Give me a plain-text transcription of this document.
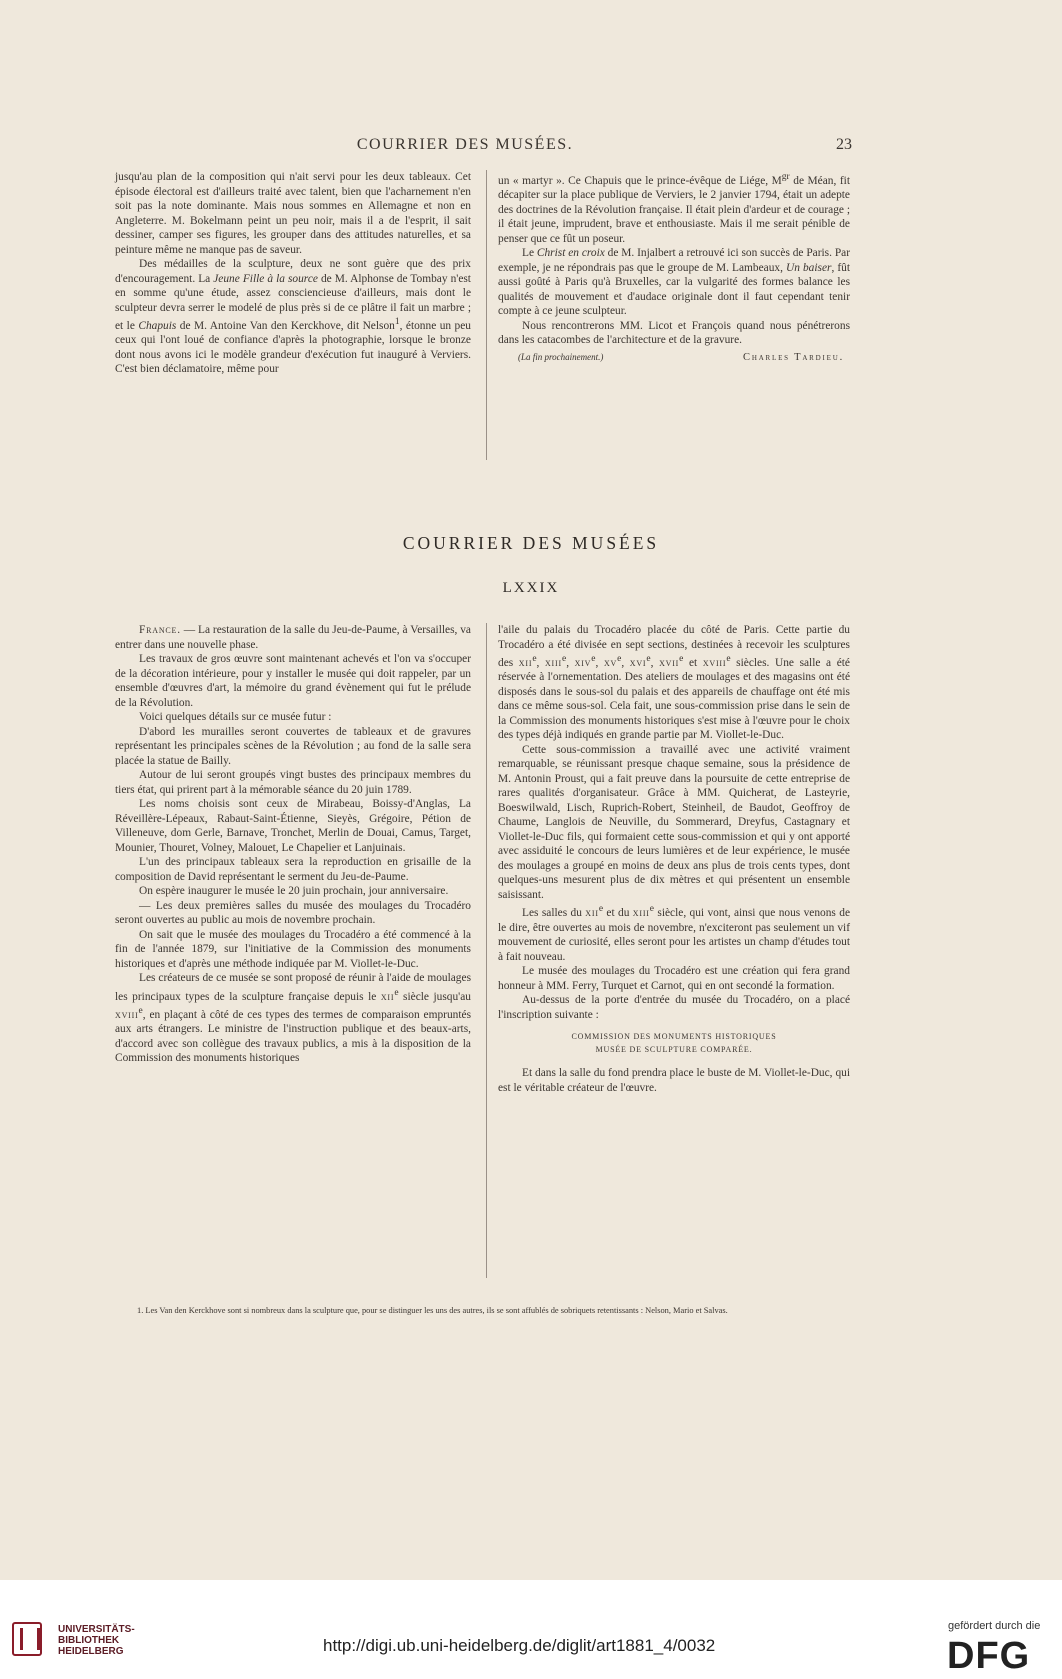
COURRIER DES MUSÉES.	23

jusqu'au plan de la composition qui n'ait servi pour les deux tableaux. Cet épisode électoral est d'ailleurs traité avec talent, bien que l'acharnement n'en soit pas la note dominante. Mais nous sommes en Allemagne et non en Angleterre. M. Bokelmann peint un peu noir, mais il a de l'esprit, il sait dessiner, camper ses figures, les grouper dans des attitudes naturelles, et sa peinture même ne manque pas de saveur.

Des médailles de la sculpture, deux ne sont guère que des prix d'encouragement. La Jeune Fille à la source de M. Alphonse de Tombay n'est en somme qu'une étude, assez consciencieuse d'ailleurs, mais dont le sculpteur devra serrer le modelé de plus près si de ce plâtre il fait un marbre ; et le Chapuis de M. Antoine Van den Kerckhove, dit Nelson$^1$, étonne un peu ceux qui l'ont loué de confiance d'après la photographie, lorsque le bronze dont nous avons ici le modèle grandeur d'exécution fut inauguré à Verviers. C'est bien déclamatoire, même pour

un « martyr ». Ce Chapuis que le prince-évêque de Liége, $M^{gr}$ de Méan, fit décapiter sur la place publique de Verviers, le 2 janvier 1794, était un adepte des doctrines de la Révolution française. Il était plein d'ardeur et de courage ; il était jeune, imprudent, brave et enthousiaste. Mais il me serait pénible de penser que ce fût un poseur.

Le Christ en croix de M. Injalbert a retrouvé ici son succès de Paris. Par exemple, je ne répondrais pas que le groupe de M. Lambeaux, Un baiser, fût aussi goûté à Paris qu'à Bruxelles, car la vulgarité des formes balance les qualités de mouvement et d'audace originale dont il faut cependant tenir compte à ce jeune sculpteur.

Nous rencontrerons MM. Licot et François quand nous pénétrerons dans les catacombes de l'architecture et de la gravure.

(La fin prochainement.)	Charles Tardieu.
COURRIER DES MUSÉES
LXXIX

France. — La restauration de la salle du Jeu-de-Paume, à Versailles, va entrer dans une nouvelle phase.

Les travaux de gros œuvre sont maintenant achevés et l'on va s'occuper de la décoration intérieure, pour y installer le musée qui doit rappeler, par un ensemble d'œuvres d'art, la mémoire du grand évènement qui fut le prélude de la Révolution.

Voici quelques détails sur ce musée futur :

D'abord les murailles seront couvertes de tableaux et de gravures représentant les principales scènes de la Révolution ; au fond de la salle sera placée la statue de Bailly.

Autour de lui seront groupés vingt bustes des principaux membres du tiers état, qui prirent part à la mémorable séance du 20 juin 1789.

Les noms choisis sont ceux de Mirabeau, Boissy-d'Anglas, La Réveillère-Lépeaux, Rabaut-Saint-Étienne, Sieyès, Grégoire, Pétion de Villeneuve, dom Gerle, Barnave, Tronchet, Merlin de Douai, Camus, Target, Mounier, Thouret, Volney, Malouet, Le Chapelier et Lanjuinais.

L'un des principaux tableaux sera la reproduction en grisaille de la composition de David représentant le serment du Jeu-de-Paume.

On espère inaugurer le musée le 20 juin prochain, jour anniversaire.

— Les deux premières salles du musée des moulages du Trocadéro seront ouvertes au public au mois de novembre prochain.

On sait que le musée des moulages du Trocadéro a été commencé à la fin de l'année 1879, sur l'initiative de la Commission des monuments historiques et d'après une méthode indiquée par M. Viollet-le-Duc.

Les créateurs de ce musée se sont proposé de réunir à l'aide de moulages les principaux types de la sculpture française depuis le xii$^e$ siècle jusqu'au xviii$^e$, en plaçant à côté de ces types des termes de comparaison empruntés aux arts étrangers. Le ministre de l'instruction publique et des beaux-arts, d'accord avec son collègue des travaux publics, a mis à la disposition de la Commission des monuments historiques

l'aile du palais du Trocadéro placée du côté de Paris. Cette partie du Trocadéro a été divisée en sept sections, destinées à recevoir les sculptures des xii$^e$, xiii$^e$, xiv$^e$, $xv^e$, xvi$^e$, xvii$^e$ et xviii$^e$ siècles. Une salle a été réservée à l'ornementation. Des ateliers de moulages et des magasins ont été disposés dans le sous-sol du palais et des appareils de chauffage ont été mis dans ce même sous-sol. Cela fait, une sous-commission prise dans le sein de la Commission des monuments historiques s'est mise à l'œuvre pour le choix des types déjà indiqués en grande partie par M. Viollet-le-Duc.

Cette sous-commission a travaillé avec une activité vraiment remarquable, se réunissant presque chaque semaine, sous la présidence de M. Antonin Proust, qui a fait preuve dans la poursuite de cette entreprise de rares qualités d'organisateur. Grâce à MM. Quicherat, de Lasteyrie, Boeswilwald, Lisch, Ruprich-Robert, Steinheil, de Baudot, Geoffroy de Chaume, Langlois de Neuville, du Sommerard, Dreyfus, Castagnary et Viollet-le-Duc fils, qui formaient cette sous-commission et qui y ont apporté avec assiduité le concours de leurs lumières et de leur expérience, le musée des moulages a groupé en moins de deux ans plus de trois cents types, dont quelques-uns mesurent plus de dix mètres et qui présentent un ensemble saisissant.

Les salles du xii$^e$ et du xiii$^e$ siècle, qui vont, ainsi que nous venons de le dire, être ouvertes au mois de novembre, n'exciteront pas seulement un vif mouvement de curiosité, elles seront pour les artistes un champ d'études tout à fait nouveau.

Le musée des moulages du Trocadéro est une création qui fera grand honneur à MM. Ferry, Turquet et Carnot, qui en ont secondé la formation.

Au-dessus de la porte d'entrée du musée du Trocadéro, on a placé l'inscription suivante :

COMMISSION DES MONUMENTS HISTORIQUES
MUSÉE DE SCULPTURE COMPARÉE.

Et dans la salle du fond prendra place le buste de M. Viollet-le-Duc, qui est le véritable créateur de l'œuvre.

1. Les Van den Kerckhove sont si nombreux dans la sculpture que, pour se distinguer les uns des autres, ils se sont affublés de sobriquets retentissants : Nelson, Mario et Salvas.
UNIVERSITÄTS-
BIBLIOTHEK
HEIDELBERG	http://digi.ub.uni-heidelberg.de/diglit/art1881_4/0032
gefördert durch die
DFG
